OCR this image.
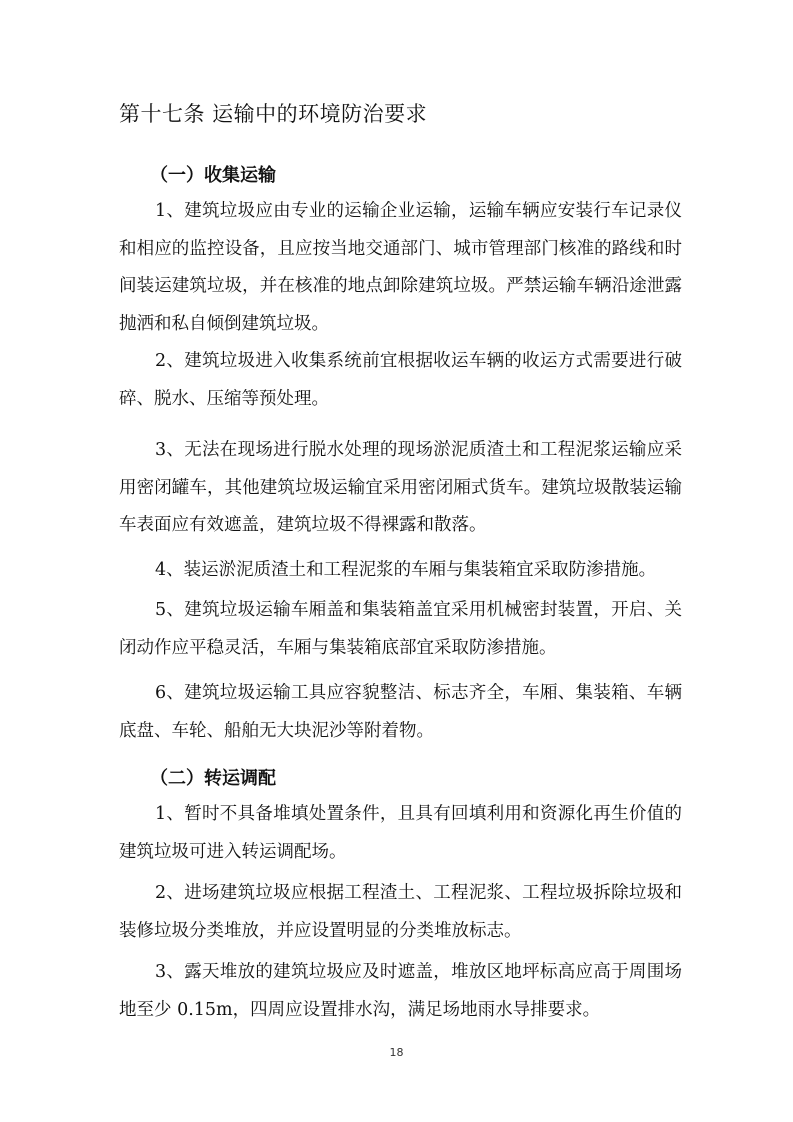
第十七条 运输中的环境防治要求
（一）收集运输

1、建筑垃圾应由专业的运输企业运输，运输车辆应安装行车记录仪和相应的监控设备，且应按当地交通部门、城市管理部门核准的路线和时间装运建筑垃圾，并在核准的地点卸除建筑垃圾。严禁运输车辆沿途泄露抛洒和私自倾倒建筑垃圾。

2、建筑垃圾进入收集系统前宜根据收运车辆的收运方式需要进行破碎、脱水、压缩等预处理。

3、无法在现场进行脱水处理的现场淤泥质渣土和工程泥浆运输应采用密闭罐车，其他建筑垃圾运输宜采用密闭厢式货车。建筑垃圾散装运输车表面应有效遮盖，建筑垃圾不得裸露和散落。

4、装运淤泥质渣土和工程泥浆的车厢与集装箱宜采取防渗措施。

5、建筑垃圾运输车厢盖和集装箱盖宜采用机械密封装置，开启、关闭动作应平稳灵活，车厢与集装箱底部宜采取防渗措施。

6、建筑垃圾运输工具应容貌整洁、标志齐全，车厢、集装箱、车辆底盘、车轮、船舶无大块泥沙等附着物。

（二）转运调配

1、暂时不具备堆填处置条件，且具有回填利用和资源化再生价值的建筑垃圾可进入转运调配场。

2、进场建筑垃圾应根据工程渣土、工程泥浆、工程垃圾拆除垃圾和装修垃圾分类堆放，并应设置明显的分类堆放标志。

3、露天堆放的建筑垃圾应及时遮盖，堆放区地坪标高应高于周围场地至少 0.15m，四周应设置排水沟，满足场地雨水导排要求。

18
